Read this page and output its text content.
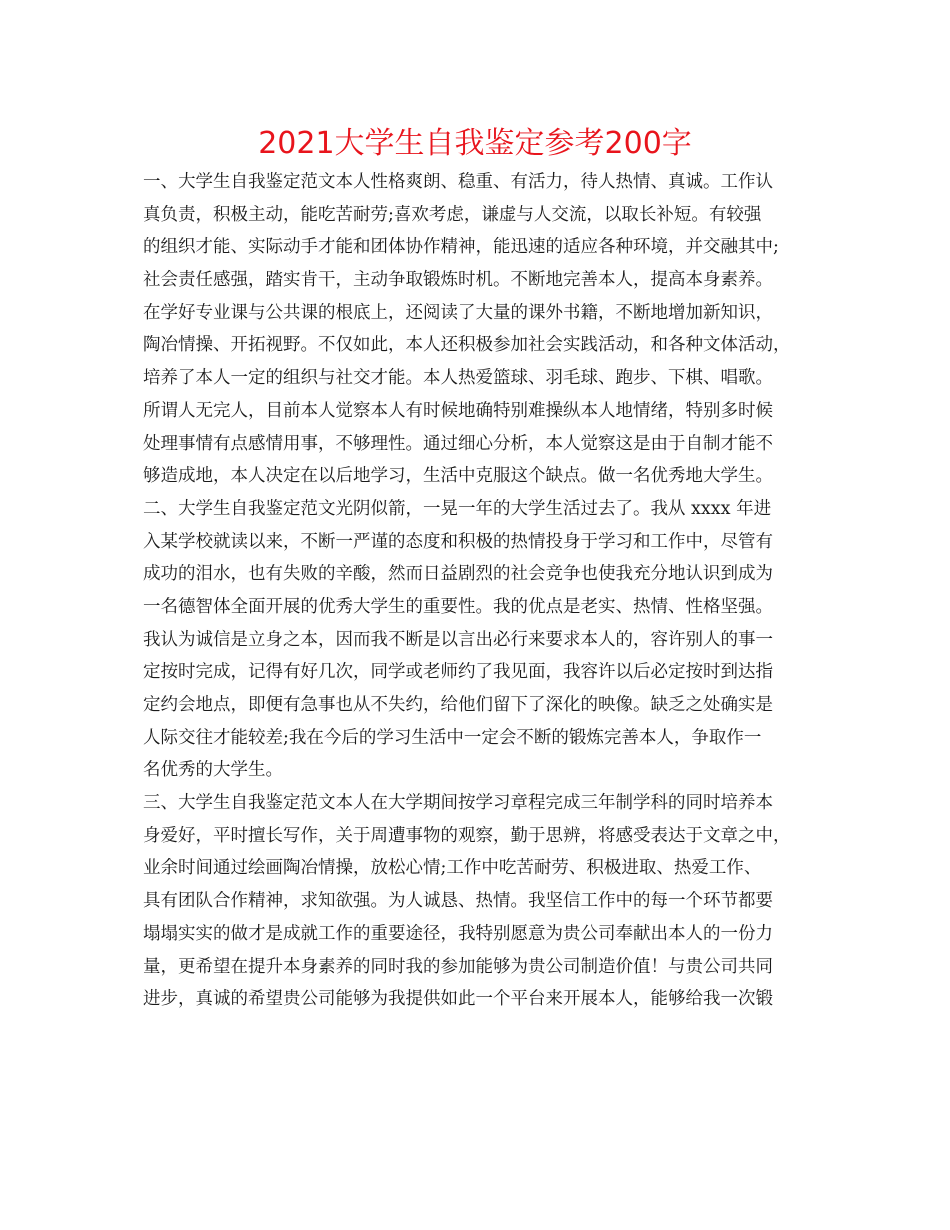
2021大学生自我鉴定参考200字
一、大学生自我鉴定范文本人性格爽朗、稳重、有活力，待人热情、真诚。工作认
真负责，积极主动，能吃苦耐劳;喜欢考虑，谦虚与人交流，以取长补短。有较强
的组织才能、实际动手才能和团体协作精神，能迅速的适应各种环境，并交融其中;
社会责任感强，踏实肯干，主动争取锻炼时机。不断地完善本人，提高本身素养。
在学好专业课与公共课的根底上，还阅读了大量的课外书籍，不断地增加新知识，
陶冶情操、开拓视野。不仅如此，本人还积极参加社会实践活动，和各种文体活动，
培养了本人一定的组织与社交才能。本人热爱篮球、羽毛球、跑步、下棋、唱歌。
所谓人无完人，目前本人觉察本人有时候地确特别难操纵本人地情绪，特别多时候
处理事情有点感情用事，不够理性。通过细心分析，本人觉察这是由于自制才能不
够造成地，本人决定在以后地学习，生活中克服这个缺点。做一名优秀地大学生。
二、大学生自我鉴定范文光阴似箭，一晃一年的大学生活过去了。我从 xxxx 年进
入某学校就读以来，不断一严谨的态度和积极的热情投身于学习和工作中，尽管有
成功的泪水，也有失败的辛酸，然而日益剧烈的社会竞争也使我充分地认识到成为
一名德智体全面开展的优秀大学生的重要性。我的优点是老实、热情、性格坚强。
我认为诚信是立身之本，因而我不断是以言出必行来要求本人的，容许别人的事一
定按时完成，记得有好几次，同学或老师约了我见面，我容许以后必定按时到达指
定约会地点，即便有急事也从不失约，给他们留下了深化的映像。缺乏之处确实是
人际交往才能较差;我在今后的学习生活中一定会不断的锻炼完善本人，争取作一
名优秀的大学生。
三、大学生自我鉴定范文本人在大学期间按学习章程完成三年制学科的同时培养本
身爱好，平时擅长写作，关于周遭事物的观察，勤于思辨，将感受表达于文章之中，
业余时间通过绘画陶冶情操，放松心情;工作中吃苦耐劳、积极进取、热爱工作、
具有团队合作精神，求知欲强。为人诚恳、热情。我坚信工作中的每一个环节都要
塌塌实实的做才是成就工作的重要途径，我特别愿意为贵公司奉献出本人的一份力
量，更希望在提升本身素养的同时我的参加能够为贵公司制造价值！与贵公司共同
进步，真诚的希望贵公司能够为我提供如此一个平台来开展本人，能够给我一次锻
